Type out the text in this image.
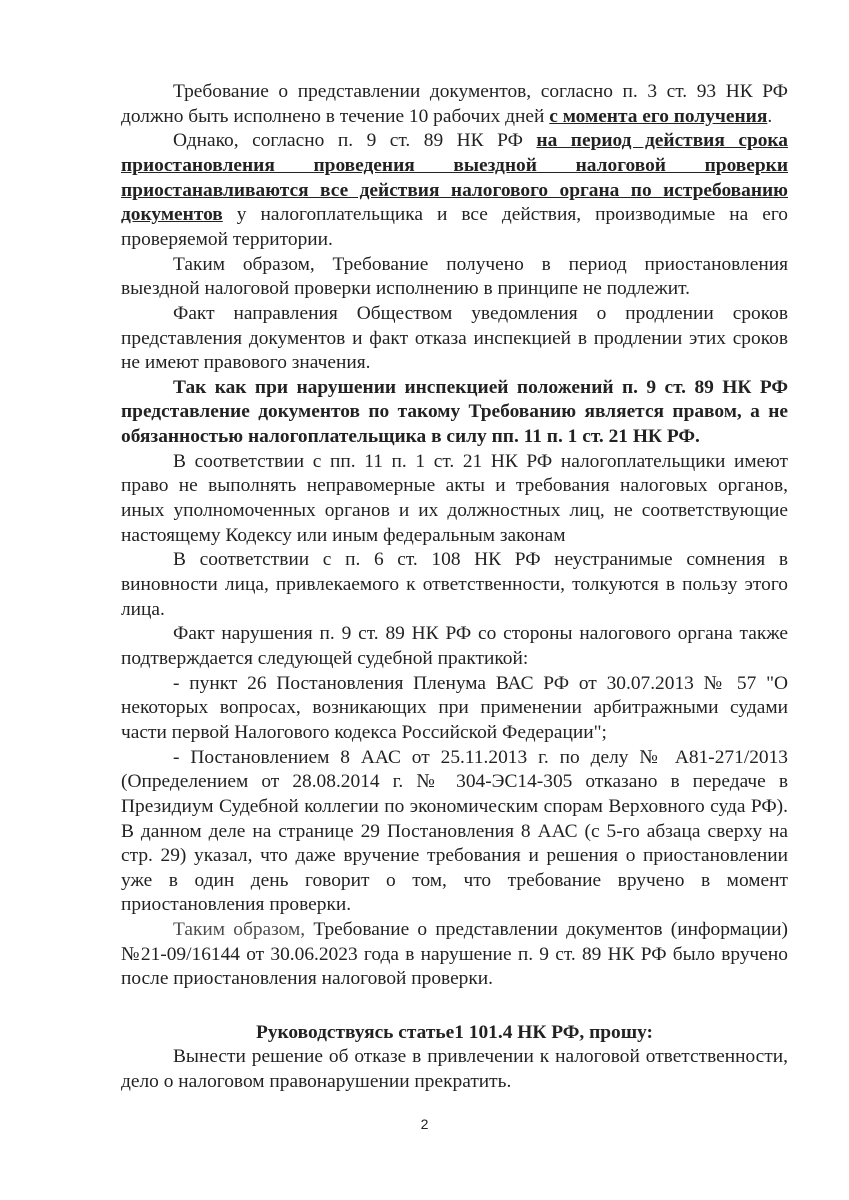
Требование о представлении документов, согласно п. 3 ст. 93 НК РФ должно быть исполнено в течение 10 рабочих дней с момента его получения.

Однако, согласно п. 9 ст. 89 НК РФ на период действия срока приостановления проведения выездной налоговой проверки приостанавливаются все действия налогового органа по истребованию документов у налогоплательщика и все действия, производимые на его проверяемой территории.

Таким образом, Требование получено в период приостановления выездной налоговой проверки исполнению в принципе не подлежит.

Факт направления Обществом уведомления о продлении сроков представления документов и факт отказа инспекцией в продлении этих сроков не имеют правового значения.

Так как при нарушении инспекцией положений п. 9 ст. 89 НК РФ представление документов по такому Требованию является правом, а не обязанностью налогоплательщика в силу пп. 11 п. 1 ст. 21 НК РФ.

В соответствии с пп. 11 п. 1 ст. 21 НК РФ налогоплательщики имеют право не выполнять неправомерные акты и требования налоговых органов, иных уполномоченных органов и их должностных лиц, не соответствующие настоящему Кодексу или иным федеральным законам

В соответствии с п. 6 ст. 108 НК РФ неустранимые сомнения в виновности лица, привлекаемого к ответственности, толкуются в пользу этого лица.

Факт нарушения п. 9 ст. 89 НК РФ со стороны налогового органа также подтверждается следующей судебной практикой:

- пункт 26 Постановления Пленума ВАС РФ от 30.07.2013 № 57 "О некоторых вопросах, возникающих при применении арбитражными судами части первой Налогового кодекса Российской Федерации";

- Постановлением 8 ААС от 25.11.2013 г. по делу № А81-271/2013 (Определением от 28.08.2014 г. № 304-ЭС14-305 отказано в передаче в Президиум Судебной коллегии по экономическим спорам Верховного суда РФ). В данном деле на странице 29 Постановления 8 ААС (с 5-го абзаца сверху на стр. 29) указал, что даже вручение требования и решения о приостановлении уже в один день говорит о том, что требование вручено в момент приостановления проверки.

Таким образом, Требование о представлении документов (информации) №21-09/16144 от 30.06.2023 года в нарушение п. 9 ст. 89 НК РФ было вручено после приостановления налоговой проверки.

Руководствуясь статье1 101.4 НК РФ, прошу:

Вынести решение об отказе в привлечении к налоговой ответственности, дело о налоговом правонарушении прекратить.

2
